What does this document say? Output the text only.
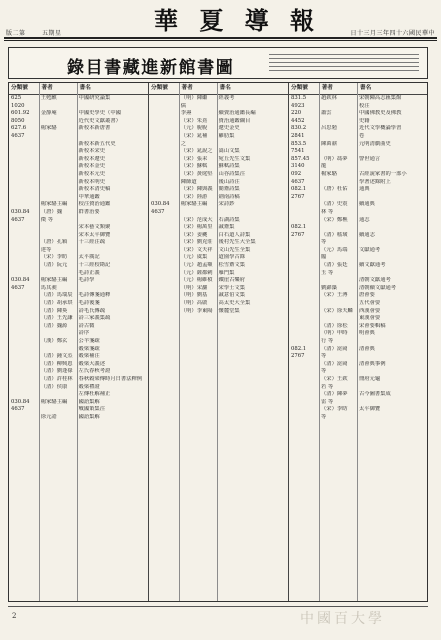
版二第	五期星	華 夏 導 報	日十三月三年四十六國民華中
錄目書藏進新館書圖
分類號	著者	書名
625	王甦麒	中國研究論集
1020
601.92	金靜庵	中國史學史（中國
8050	近代史文獻叢書）
627.6	楊家駱	新校本新唐書
4637
新校本新五代史
新校本宋史
新校本遼史
新校本金史
新校本元史
新校本明史
新校本清史稿
中華通鑑
楊家駱主編	校注資治通鑑
030.84	（唐）魏	群書治要
4637	徵 等
宋本藝文類聚
宋本太平御覽
（唐）孔穎	十三經注疏
達等
（宋）李昉	太平廣記
（清）阮元	十三經校勘記
毛詩正義
030.84	楊家駱主編	毛詩學
4637	馬其昶
（清）馬瑞辰	毛詩傳箋通釋
（清）胡承珙	毛詩後箋
（清）陳奐	詩毛氏傳疏
（清）王先謙	詩三家義集疏
（清）魏源	詩古微
詩序
（漢）鄭玄	公羊箋疏
穀梁箋疏
（清）鍾文烝	穀梁補注
（清）柳興恩	穀梁大義述
（清）劉逢祿	左氏春秋考證
（清）許桂林	春秋穀梁傳時月日書法釋例
（清）侯康	穀梁禮證
左傳杜解補正
030.84	楊家駱主編	國語集解
4637	戰國策集注
徐元誥	國語集解
分類號	著者	書名
（明）陳繼	經義考
儒
李燾	續資治通鑑長編
（宋）朱熹	資治通鑑綱目
（元）脫脫	遼史金史
（宋）晁補	雞肋集
之
（宋）晁說之	嵩山文集
（宋）張耒	宛丘先生文集
（宋）蘇軾	蘇軾詩集
（宋）黃庭堅	山谷詩集注
陳師道	後山詩注
（宋）陳與義	簡齋詩集
（宋）陸游	劍南詩稿
030.84	楊家駱主編	宋詩鈔
4637
（宋）范成大	石湖詩集
（宋）楊萬里	誠齋集
（宋）姜夔	白石道人詩集
（宋）劉克莊	後村先生大全集
（宋）文天祥	文山先生全集
（元）虞集	道園學古錄
（元）趙孟頫	松雪齋文集
（元）薩都剌	雁門集
（元）楊維楨	鐵崖古樂府
（明）宋濂	宋學士文集
（明）劉基	誠意伯文集
（明）高啟	高太史大全集
（明）李東陽	懷麓堂集
分類號	著者	書名
831.5	趙欽林	宋朝陳高志匯集館
4923	校注
220	蕭雲	中國佛教史及佛教
4452	史籍
830.2	呂思勉	近代文學概論學習
2841	卷
853.5	陳萬鼐	元明清劇曲史
7541
857.45	（明）馮夢	警世通言
3140	龍
092	楊家駱	古經說家書的一部小
4637	學著述錄附上
082.1	（唐）杜佑	通典
2767
（清）史震	續通典
林 等
（宋）鄭樵	通志
082.1
2767	（清）嵇璜	續通志
等
（元）馬端	文獻通考
臨
（清）張廷	續文獻通考
玉 等
清朝文獻通考
劉錦藻	清朝續文獻通考
（宋）王溥	唐會要
五代會要
（宋）徐天麟	西漢會要
東漢會要
（清）徐松	宋會要輯稿
（明）申時	明會典
行 等
082.1	（清）崑岡	清會典
2767	等
（清）崑岡	清會典事例
等
（宋）王欽	冊府元龜
若 等
（清）陳夢	古今圖書集成
雷 等
（宋）李昉	太平御覽
等
中國百大學
2
